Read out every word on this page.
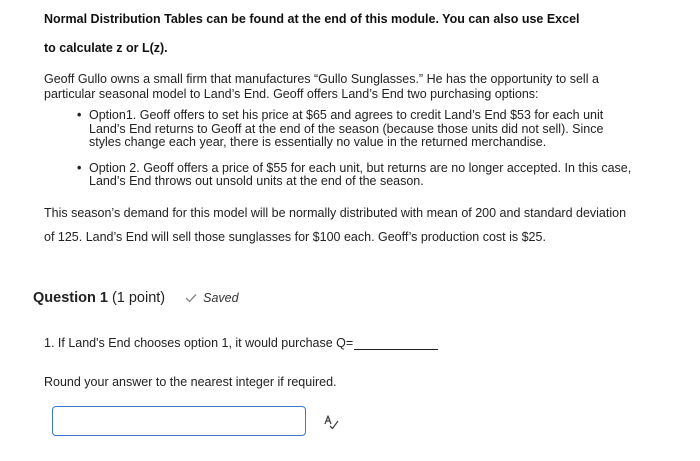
Normal Distribution Tables can be found at the end of this module. You can also use Excel
to calculate z or L(z).
Geoff Gullo owns a small firm that manufactures “Gullo Sunglasses.” He has the opportunity to sell a particular seasonal model to Land’s End. Geoff offers Land’s End two purchasing options:
• Option1. Geoff offers to set his price at $65 and agrees to credit Land’s End $53 for each unit Land’s End returns to Geoff at the end of the season (because those units did not sell). Since styles change each year, there is essentially no value in the returned merchandise.
• Option 2. Geoff offers a price of $55 for each unit, but returns are no longer accepted. In this case, Land’s End throws out unsold units at the end of the season.
This season’s demand for this model will be normally distributed with mean of 200 and standard deviation of 125. Land’s End will sell those sunglasses for $100 each. Geoff’s production cost is $25.
Question 1 (1 point)	Saved
1. If Land's End chooses option 1, it would purchase Q=
Round your answer to the nearest integer if required.
